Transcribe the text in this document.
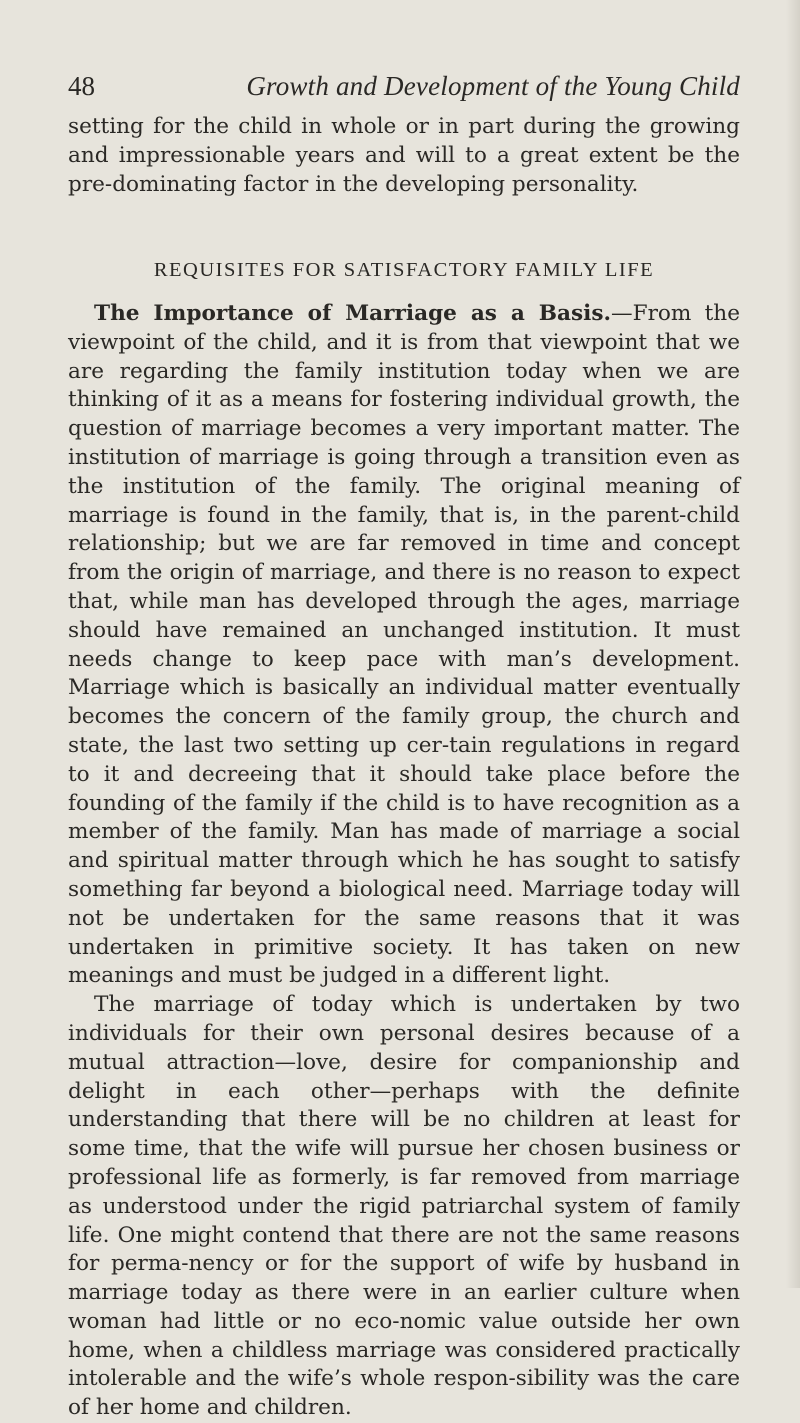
48	Growth and Development of the Young Child

setting for the child in whole or in part during the growing and impressionable years and will to a great extent be the pre-dominating factor in the developing personality.

REQUISITES FOR SATISFACTORY FAMILY LIFE

The Importance of Marriage as a Basis.—From the viewpoint of the child, and it is from that viewpoint that we are regarding the family institution today when we are thinking of it as a means for fostering individual growth, the question of marriage becomes a very important matter. The institution of marriage is going through a transition even as the institution of the family. The original meaning of marriage is found in the family, that is, in the parent-child relationship; but we are far removed in time and concept from the origin of marriage, and there is no reason to expect that, while man has developed through the ages, marriage should have remained an unchanged institution. It must needs change to keep pace with man’s development. Marriage which is basically an individual matter eventually becomes the concern of the family group, the church and state, the last two setting up cer-tain regulations in regard to it and decreeing that it should take place before the founding of the family if the child is to have recognition as a member of the family. Man has made of marriage a social and spiritual matter through which he has sought to satisfy something far beyond a biological need. Marriage today will not be undertaken for the same reasons that it was undertaken in primitive society. It has taken on new meanings and must be judged in a different light.

The marriage of today which is undertaken by two individuals for their own personal desires because of a mutual attraction—love, desire for companionship and delight in each other—perhaps with the definite understanding that there will be no children at least for some time, that the wife will pursue her chosen business or professional life as formerly, is far removed from marriage as understood under the rigid patriarchal system of family life. One might contend that there are not the same reasons for perma-nency or for the support of wife by husband in marriage today as there were in an earlier culture when woman had little or no eco-nomic value outside her own home, when a childless marriage was considered practically intolerable and the wife’s whole respon-sibility was the care of her home and children.
